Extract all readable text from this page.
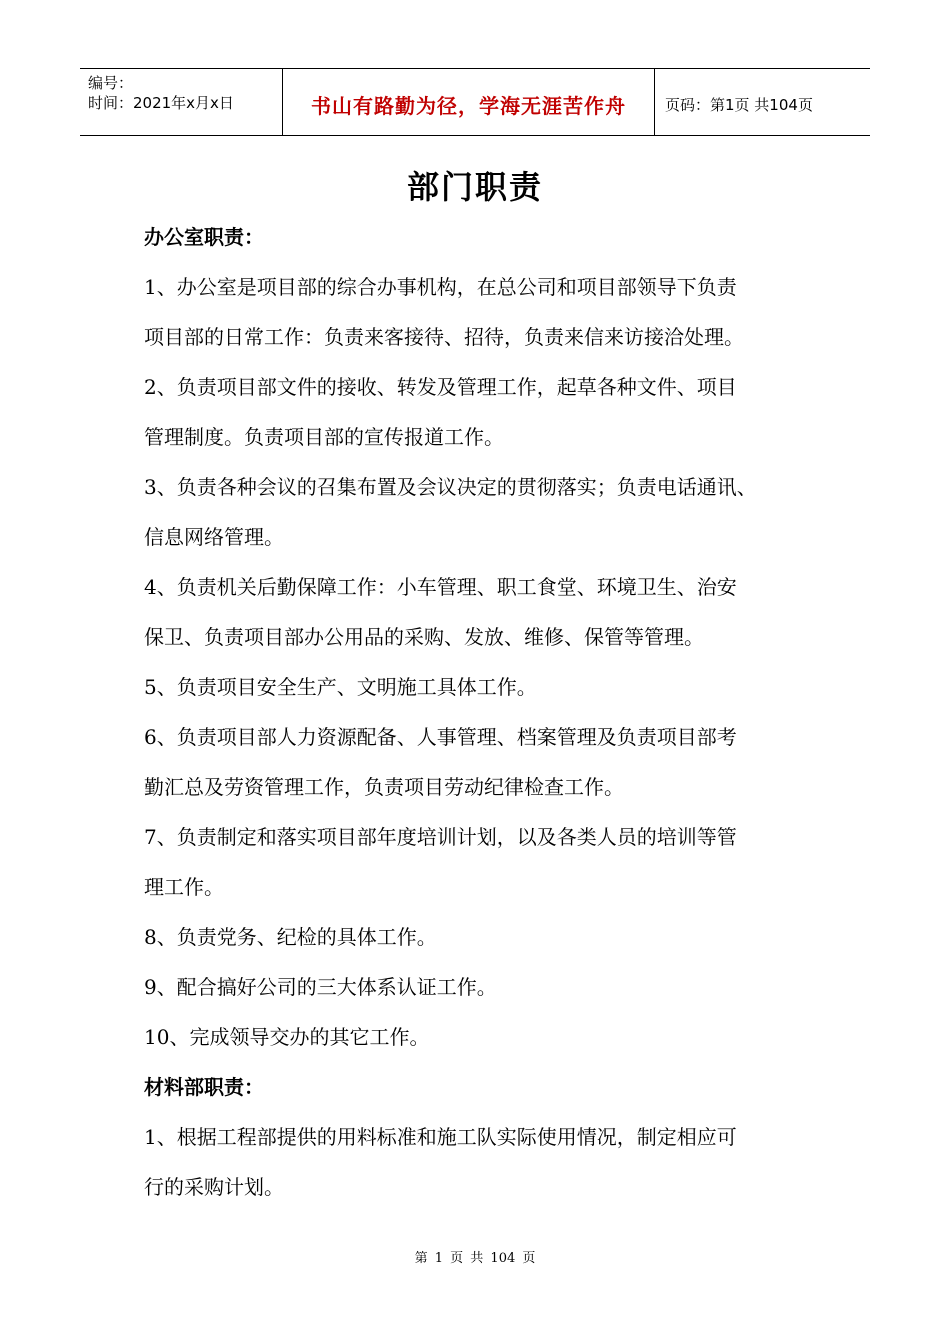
编号：
时间：2021年x月x日	书山有路勤为径，学海无涯苦作舟	页码：第1页 共104页
部门职责
办公室职责：
1、办公室是项目部的综合办事机构，在总公司和项目部领导下负责
项目部的日常工作：负责来客接待、招待，负责来信来访接洽处理。
2、负责项目部文件的接收、转发及管理工作，起草各种文件、项目
管理制度。负责项目部的宣传报道工作。
3、负责各种会议的召集布置及会议决定的贯彻落实；负责电话通讯、
信息网络管理。
4、负责机关后勤保障工作：小车管理、职工食堂、环境卫生、治安
保卫、负责项目部办公用品的采购、发放、维修、保管等管理。
5、负责项目安全生产、文明施工具体工作。
6、负责项目部人力资源配备、人事管理、档案管理及负责项目部考
勤汇总及劳资管理工作，负责项目劳动纪律检查工作。
7、负责制定和落实项目部年度培训计划，以及各类人员的培训等管
理工作。
8、负责党务、纪检的具体工作。
9、配合搞好公司的三大体系认证工作。
10、完成领导交办的其它工作。
材料部职责：
1、根据工程部提供的用料标准和施工队实际使用情况，制定相应可
行的采购计划。
第 1 页 共 104 页
